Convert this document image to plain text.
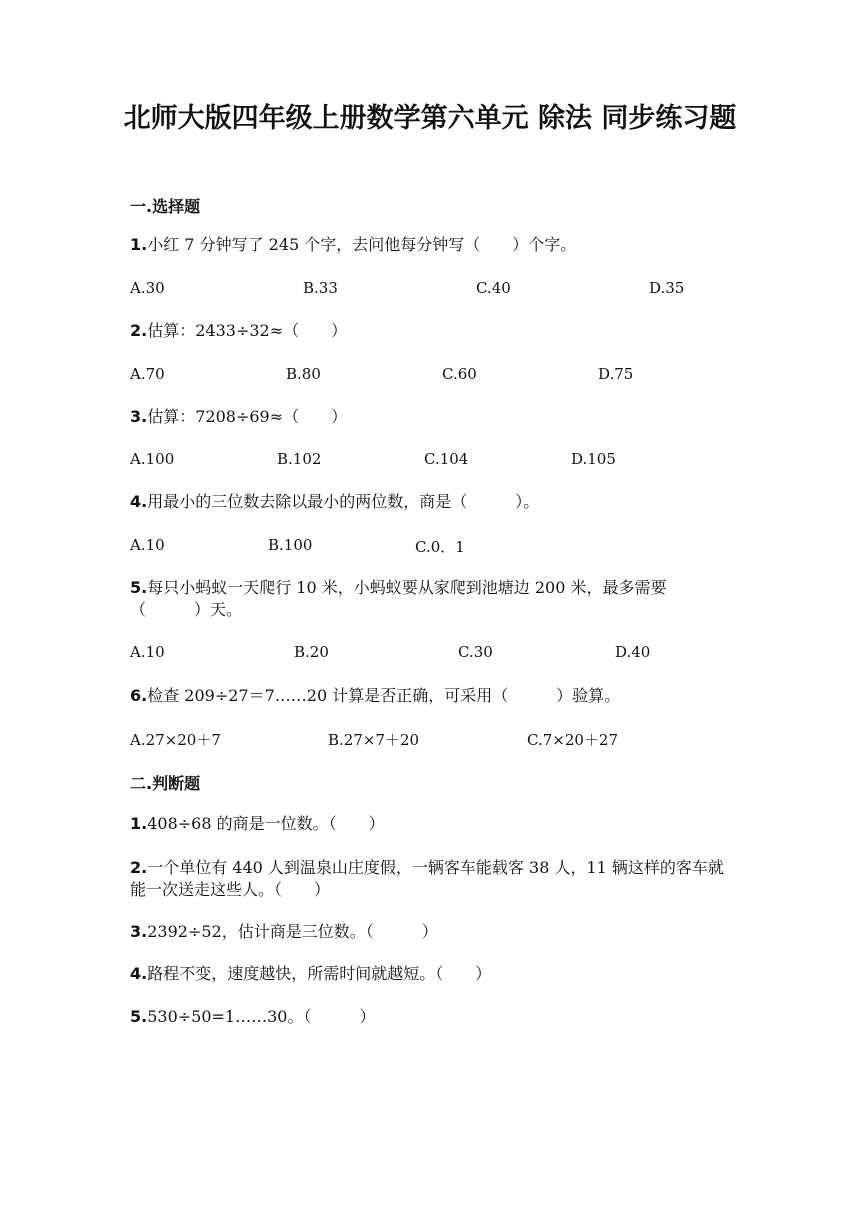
北师大版四年级上册数学第六单元 除法 同步练习题
一.选择题
1.小红 7 分钟写了 245 个字，去问他每分钟写（　　）个字。
A.30	B.33	C.40	D.35
2.估算：2433÷32≈（　　）
A.70	B.80	C.60	D.75
3.估算：7208÷69≈（　　）
A.100	B.102	C.104	D.105
4.用最小的三位数去除以最小的两位数，商是（　　　）。
A.10	B.100	C.0．1
5.每只小蚂蚁一天爬行 10 米，小蚂蚁要从家爬到池塘边 200 米，最多需要（　　　）天。
A.10	B.20	C.30	D.40
6.检查 209÷27＝7……20 计算是否正确，可采用（　　　）验算。
A.27×20＋7	B.27×7＋20	C.7×20＋27
二.判断题
1.408÷68 的商是一位数。（　　）
2.一个单位有 440 人到温泉山庄度假，一辆客车能载客 38 人，11 辆这样的客车就能一次送走这些人。（　　）
3.2392÷52，估计商是三位数。（　　　）
4.路程不变，速度越快，所需时间就越短。（　　）
5.530÷50=1……30。（　　　）
